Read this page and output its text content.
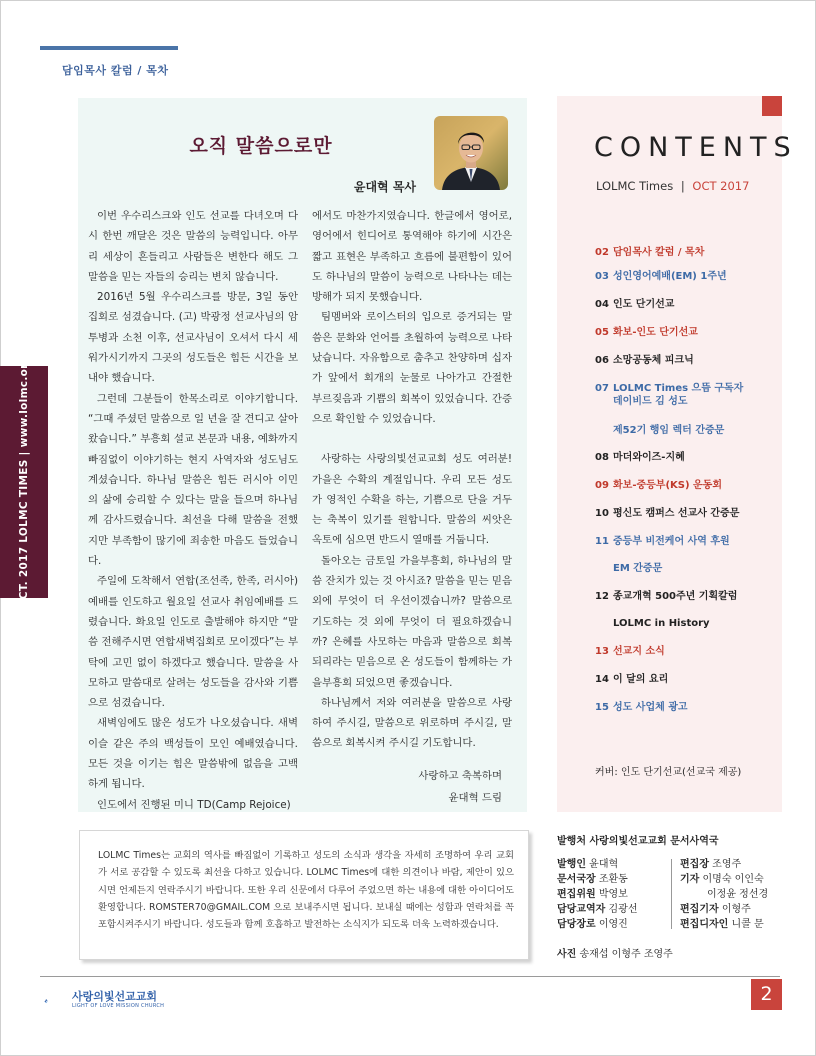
담임목사 칼럼 / 목차
OCT. 2017 LOLMC TIMES | www.lolmc.org
오직 말씀으로만
윤대혁 목사

이번 우수리스크와 인도 선교를 다녀오며 다시 한번 깨달은 것은 말씀의 능력입니다. 아무리 세상이 흔들리고 사람들은 변한다 해도 그 말씀을 믿는 자들의 승리는 변치 않습니다.

2016년 5월 우수리스크를 방문, 3일 동안 집회로 섬겼습니다. (고) 박광정 선교사님의 암 투병과 소천 이후, 선교사님이 오셔서 다시 세워가시기까지 그곳의 성도들은 힘든 시간을 보내야 했습니다.

그런데 그분들이 한목소리로 이야기합니다. “그때 주셨던 말씀으로 일 년을 잘 견디고 살아왔습니다.” 부흥회 설교 본문과 내용, 예화까지 빠짐없이 이야기하는 현지 사역자와 성도님도 계셨습니다. 하나님 말씀은 힘든 러시아 이민의 삶에 승리할 수 있다는 말을 들으며 하나님께 감사드렸습니다. 최선을 다해 말씀을 전했지만 부족함이 많기에 죄송한 마음도 들었습니다.

주일에 도착해서 연합(조선족, 한족, 러시아)예배를 인도하고 월요일 선교사 취임예배를 드렸습니다. 화요일 인도로 출발해야 하지만 “말씀 전해주시면 연합새벽집회로 모이겠다”는 부탁에 고민 없이 하겠다고 했습니다. 말씀을 사모하고 말씀대로 살려는 성도들을 감사와 기쁨으로 섬겼습니다.

새벽임에도 많은 성도가 나오셨습니다. 새벽이슬 같은 주의 백성들이 모인 예배였습니다. 모든 것을 이기는 힘은 말씀밖에 없음을 고백하게 됩니다.

인도에서 진행된 미니 TD(Camp Rejoice)

에서도 마찬가지였습니다. 한글에서 영어로, 영어에서 힌디어로 통역해야 하기에 시간은 짧고 표현은 부족하고 흐름에 불편함이 있어도 하나님의 말씀이 능력으로 나타나는 데는 방해가 되지 못했습니다.

팀멤버와 로이스터의 입으로 증거되는 말씀은 문화와 언어를 초월하여 능력으로 나타났습니다. 자유함으로 춤추고 찬양하며 십자가 앞에서 회개의 눈물로 나아가고 간절한 부르짖음과 기쁨의 회복이 있었습니다. 간증으로 확인할 수 있었습니다.

사랑하는 사랑의빛선교교회 성도 여러분! 가을은 수확의 계절입니다. 우리 모든 성도가 영적인 수확을 하는, 기쁨으로 단을 거두는 축복이 있기를 원합니다. 말씀의 씨앗은 옥토에 심으면 반드시 열매를 거둡니다.

돌아오는 금토일 가을부흥회, 하나님의 말씀 잔치가 있는 것 아시죠? 말씀을 믿는 믿음 외에 무엇이 더 우선이겠습니까? 말씀으로 기도하는 것 외에 무엇이 더 필요하겠습니까? 은혜를 사모하는 마음과 말씀으로 회복되리라는 믿음으로 온 성도들이 함께하는 가을부흥회 되었으면 좋겠습니다.

하나님께서 저와 여러분을 말씀으로 사랑하여 주시길, 말씀으로 위로하며 주시길, 말씀으로 회복시켜 주시길 기도합니다.

사랑하고 축복하며
윤대혁 드림
CONTENTS
LOLMC Times | OCT 2017
02 담임목사 칼럼 / 목차
03 성인영어예배(EM) 1주년
04 인도 단기선교
05 화보-인도 단기선교
06 소망공동체 피크닉
07 LOLMC Times 으뜸 구독자 데이비드 김 성도
제52기 행임 렉터 간증문
08 마더와이즈-지혜
09 화보-중등부(KS) 운동회
10 평신도 캠퍼스 선교사 간증문
11 중등부 비전케어 사역 후원
EM 간증문
12 종교개혁 500주년 기획칼럼
LOLMC in History
13 선교지 소식
14 이 달의 요리
15 성도 사업체 광고
커버: 인도 단기선교(선교국 제공)
LOLMC Times는 교회의 역사를 빠짐없이 기록하고 성도의 소식과 생각을 자세히 조명하여 우리 교회가 서로 공감할 수 있도록 최선을 다하고 있습니다. LOLMC Times에 대한 의견이나 바람, 제안이 있으시면 언제든지 연락주시기 바랍니다. 또한 우리 신문에서 다루어 주었으면 하는 내용에 대한 아이디어도 환영합니다. ROMSTER70@GMAIL.COM 으로 보내주시면 됩니다. 보내실 때에는 성함과 연락처를 꼭 포함시켜주시기 바랍니다. 성도들과 함께 호흡하고 발전하는 소식지가 되도록 더욱 노력하겠습니다.
발행처 사랑의빛선교교회 문서사역국
발행인 윤대혁
문서국장 조환동
편집위원 박영보
담당교역자 김광선
담당장로 이영진
편집장 조영주
기자 이명숙 이인숙
이정윤 정선경
편집기자 이형주
편집디자인 니콜 문
사진 송재섭 이형주 조영주
사랑의빛선교교회
LIGHT OF LOVE MISSION CHURCH
2
